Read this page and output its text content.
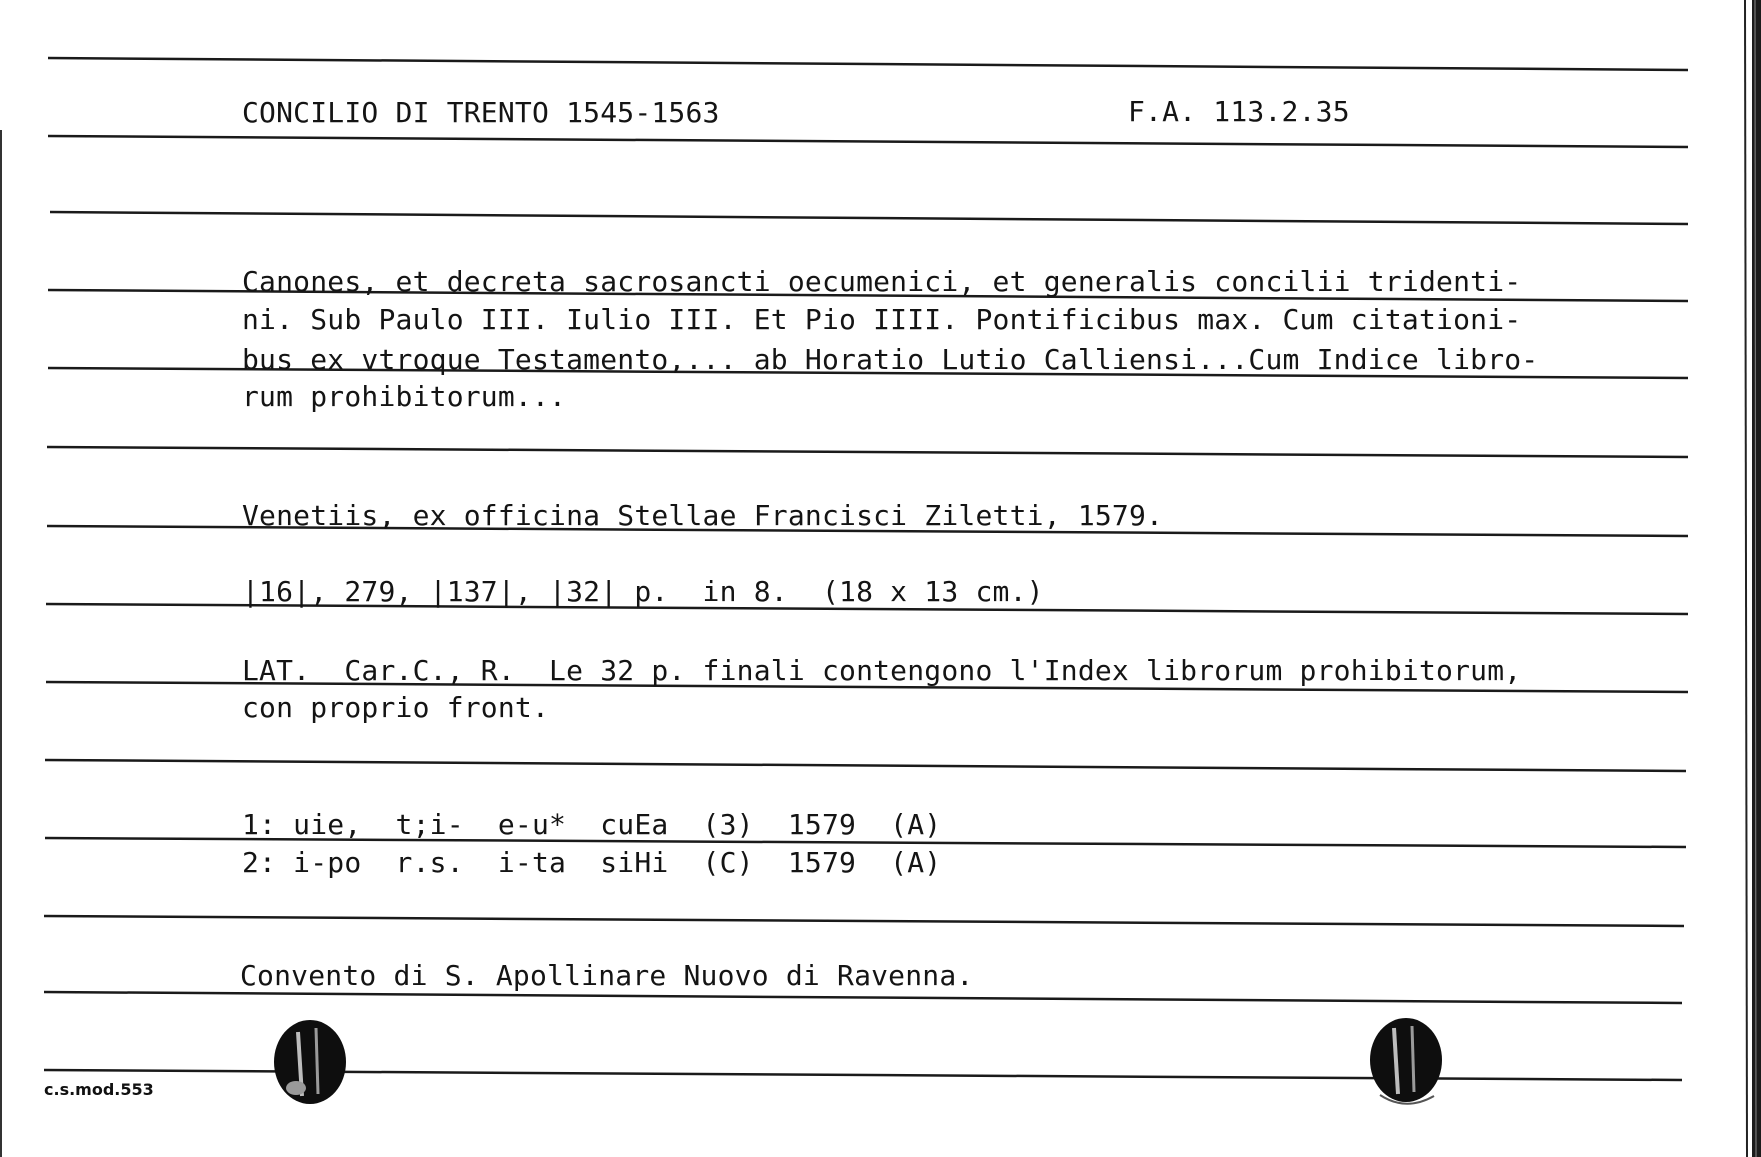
CONCILIO DI TRENTO 1545-1563	F.A. 113.2.35
Canones, et decreta sacrosancti oecumenici, et generalis concilii tridenti-
ni. Sub Paulo III. Iulio III. Et Pio IIII. Pontificibus max. Cum citationi-
bus ex vtroque Testamento,... ab Horatio Lutio Calliensi...Cum Indice libro-
rum prohibitorum...
Venetiis, ex officina Stellae Francisci Ziletti, 1579.
|16|, 279, |137|, |32| p.  in 8.  (18 x 13 cm.)
LAT.  Car.C., R.  Le 32 p. finali contengono l'Index librorum prohibitorum,
con proprio front.
1: uie,  t;i-  e-u*  cuEa  (3)  1579  (A)
2: i-po  r.s.  i-ta  siHi  (C)  1579  (A)
Convento di S. Apollinare Nuovo di Ravenna.
c.s.mod.553
